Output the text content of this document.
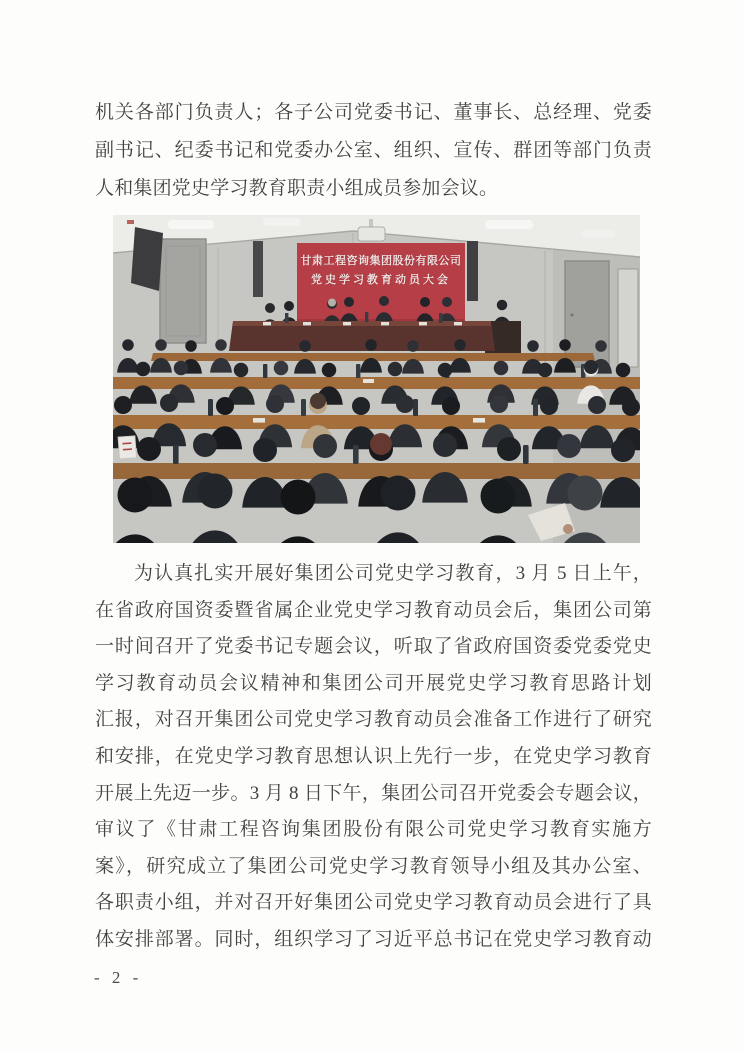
机关各部门负责人；各子公司党委书记、董事长、总经理、党委
副书记、纪委书记和党委办公室、组织、宣传、群团等部门负责
人和集团党史学习教育职责小组成员参加会议。
甘肃工程咨询集团股份有限公司
党史学习教育动员大会
为认真扎实开展好集团公司党史学习教育，3 月 5 日上午，
在省政府国资委暨省属企业党史学习教育动员会后，集团公司第
一时间召开了党委书记专题会议，听取了省政府国资委党委党史
学习教育动员会议精神和集团公司开展党史学习教育思路计划
汇报，对召开集团公司党史学习教育动员会准备工作进行了研究
和安排，在党史学习教育思想认识上先行一步，在党史学习教育
开展上先迈一步。3 月 8 日下午，集团公司召开党委会专题会议，
审议了《甘肃工程咨询集团股份有限公司党史学习教育实施方
案》，研究成立了集团公司党史学习教育领导小组及其办公室、
各职责小组，并对召开好集团公司党史学习教育动员会进行了具
体安排部署。同时，组织学习了习近平总书记在党史学习教育动
- 2 -
